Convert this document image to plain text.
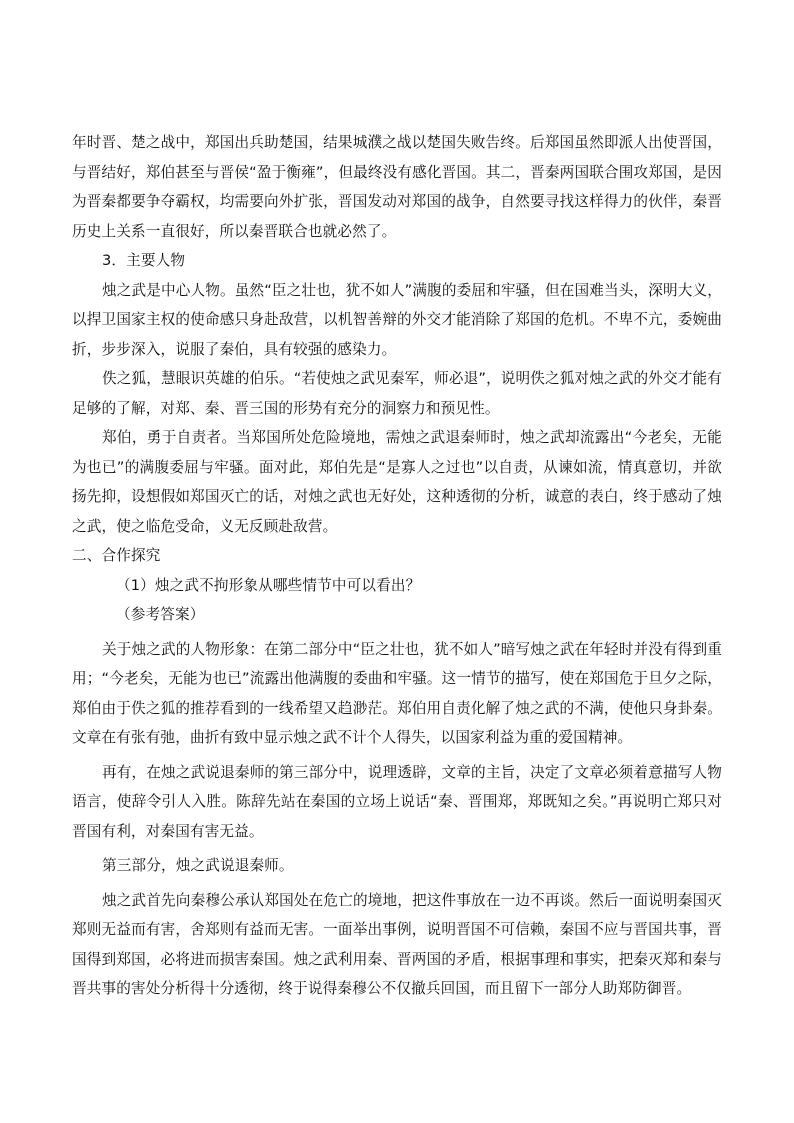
年时晋、楚之战中，郑国出兵助楚国，结果城濮之战以楚国失败告终。后郑国虽然即派人出使晋国，与晋结好，郑伯甚至与晋侯“盈于衡雍”，但最终没有感化晋国。其二，晋秦两国联合围攻郑国，是因为晋秦都要争夺霸权，均需要向外扩张，晋国发动对郑国的战争，自然要寻找这样得力的伙伴，秦晋历史上关系一直很好，所以秦晋联合也就必然了。

3．主要人物

烛之武是中心人物。虽然“臣之壮也，犹不如人”满腹的委屈和牢骚，但在国难当头，深明大义，以捍卫国家主权的使命感只身赴敌营，以机智善辩的外交才能消除了郑国的危机。不卑不亢，委婉曲折，步步深入，说服了秦伯，具有较强的感染力。

佚之狐，慧眼识英雄的伯乐。“若使烛之武见秦军，师必退”，说明佚之狐对烛之武的外交才能有足够的了解，对郑、秦、晋三国的形势有充分的洞察力和预见性。

郑伯，勇于自责者。当郑国所处危险境地，需烛之武退秦师时，烛之武却流露出“今老矣，无能为也已”的满腹委屈与牢骚。面对此，郑伯先是“是寡人之过也”以自责，从谏如流，情真意切，并欲扬先抑，设想假如郑国灭亡的话，对烛之武也无好处，这种透彻的分析，诚意的表白，终于感动了烛之武，使之临危受命，义无反顾赴敌营。

二、合作探究

（1）烛之武不拘形象从哪些情节中可以看出？

（参考答案）

关于烛之武的人物形象：在第二部分中“臣之壮也，犹不如人”暗写烛之武在年轻时并没有得到重用；“今老矣，无能为也已”流露出他满腹的委曲和牢骚。这一情节的描写，使在郑国危于旦夕之际，郑伯由于佚之狐的推荐看到的一线希望又趋渺茫。郑伯用自责化解了烛之武的不满，使他只身卦秦。文章在有张有弛，曲折有致中显示烛之武不计个人得失，以国家利益为重的爱国精神。

再有，在烛之武说退秦师的第三部分中，说理透辟，文章的主旨，决定了文章必须着意描写人物语言，使辞令引人入胜。陈辞先站在秦国的立场上说话“秦、晋围郑，郑既知之矣。”再说明亡郑只对晋国有利，对秦国有害无益。

第三部分，烛之武说退秦师。

烛之武首先向秦穆公承认郑国处在危亡的境地，把这件事放在一边不再谈。然后一面说明秦国灭郑则无益而有害，舍郑则有益而无害。一面举出事例，说明晋国不可信赖，秦国不应与晋国共事，晋国得到郑国，必将进而损害秦国。烛之武利用秦、晋两国的矛盾，根据事理和事实，把秦灭郑和秦与晋共事的害处分析得十分透彻，终于说得秦穆公不仅撤兵回国，而且留下一部分人助郑防御晋。
